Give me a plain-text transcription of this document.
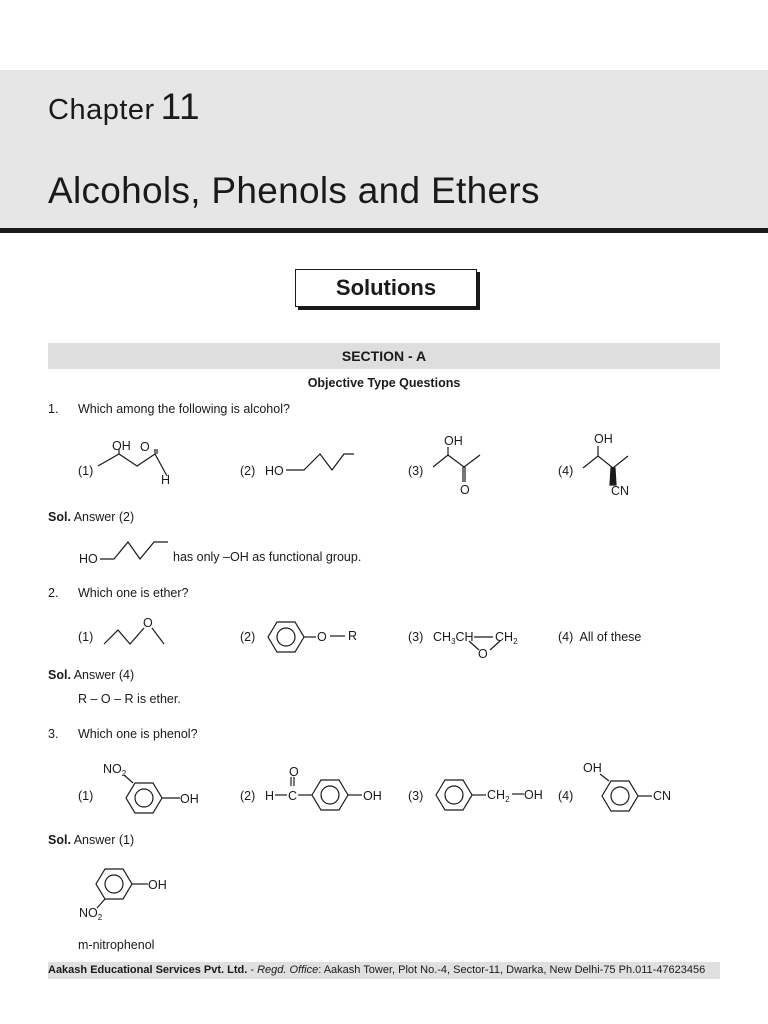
Chapter 11
Alcohols, Phenols and Ethers
Solutions
SECTION - A
Objective Type Questions
1. Which among the following is alcohol?
(1)
OH O
H
(2) HO	(3)
OH
O
(4)
OH
CN
Sol. Answer (2)
HO	has only –OH as functional group.
2. Which one is ether?
(1)
O
(2)	O R	(3) $CH_3CH$ $CH_2$
O
(4) All of these
Sol. Answer (4)
R – O – R is ether.
3. Which one is phenol?
(1)
$NO_2$
OH	(2) H C
O
OH (3)	$CH_2$ OH (4)
OH
CN
Sol. Answer (1)
OH
$NO_2$
m-nitrophenol
Aakash Educational Services Pvt. Ltd. - Regd. Office: Aakash Tower, Plot No.-4, Sector-11, Dwarka, New Delhi-75 Ph.011-47623456
